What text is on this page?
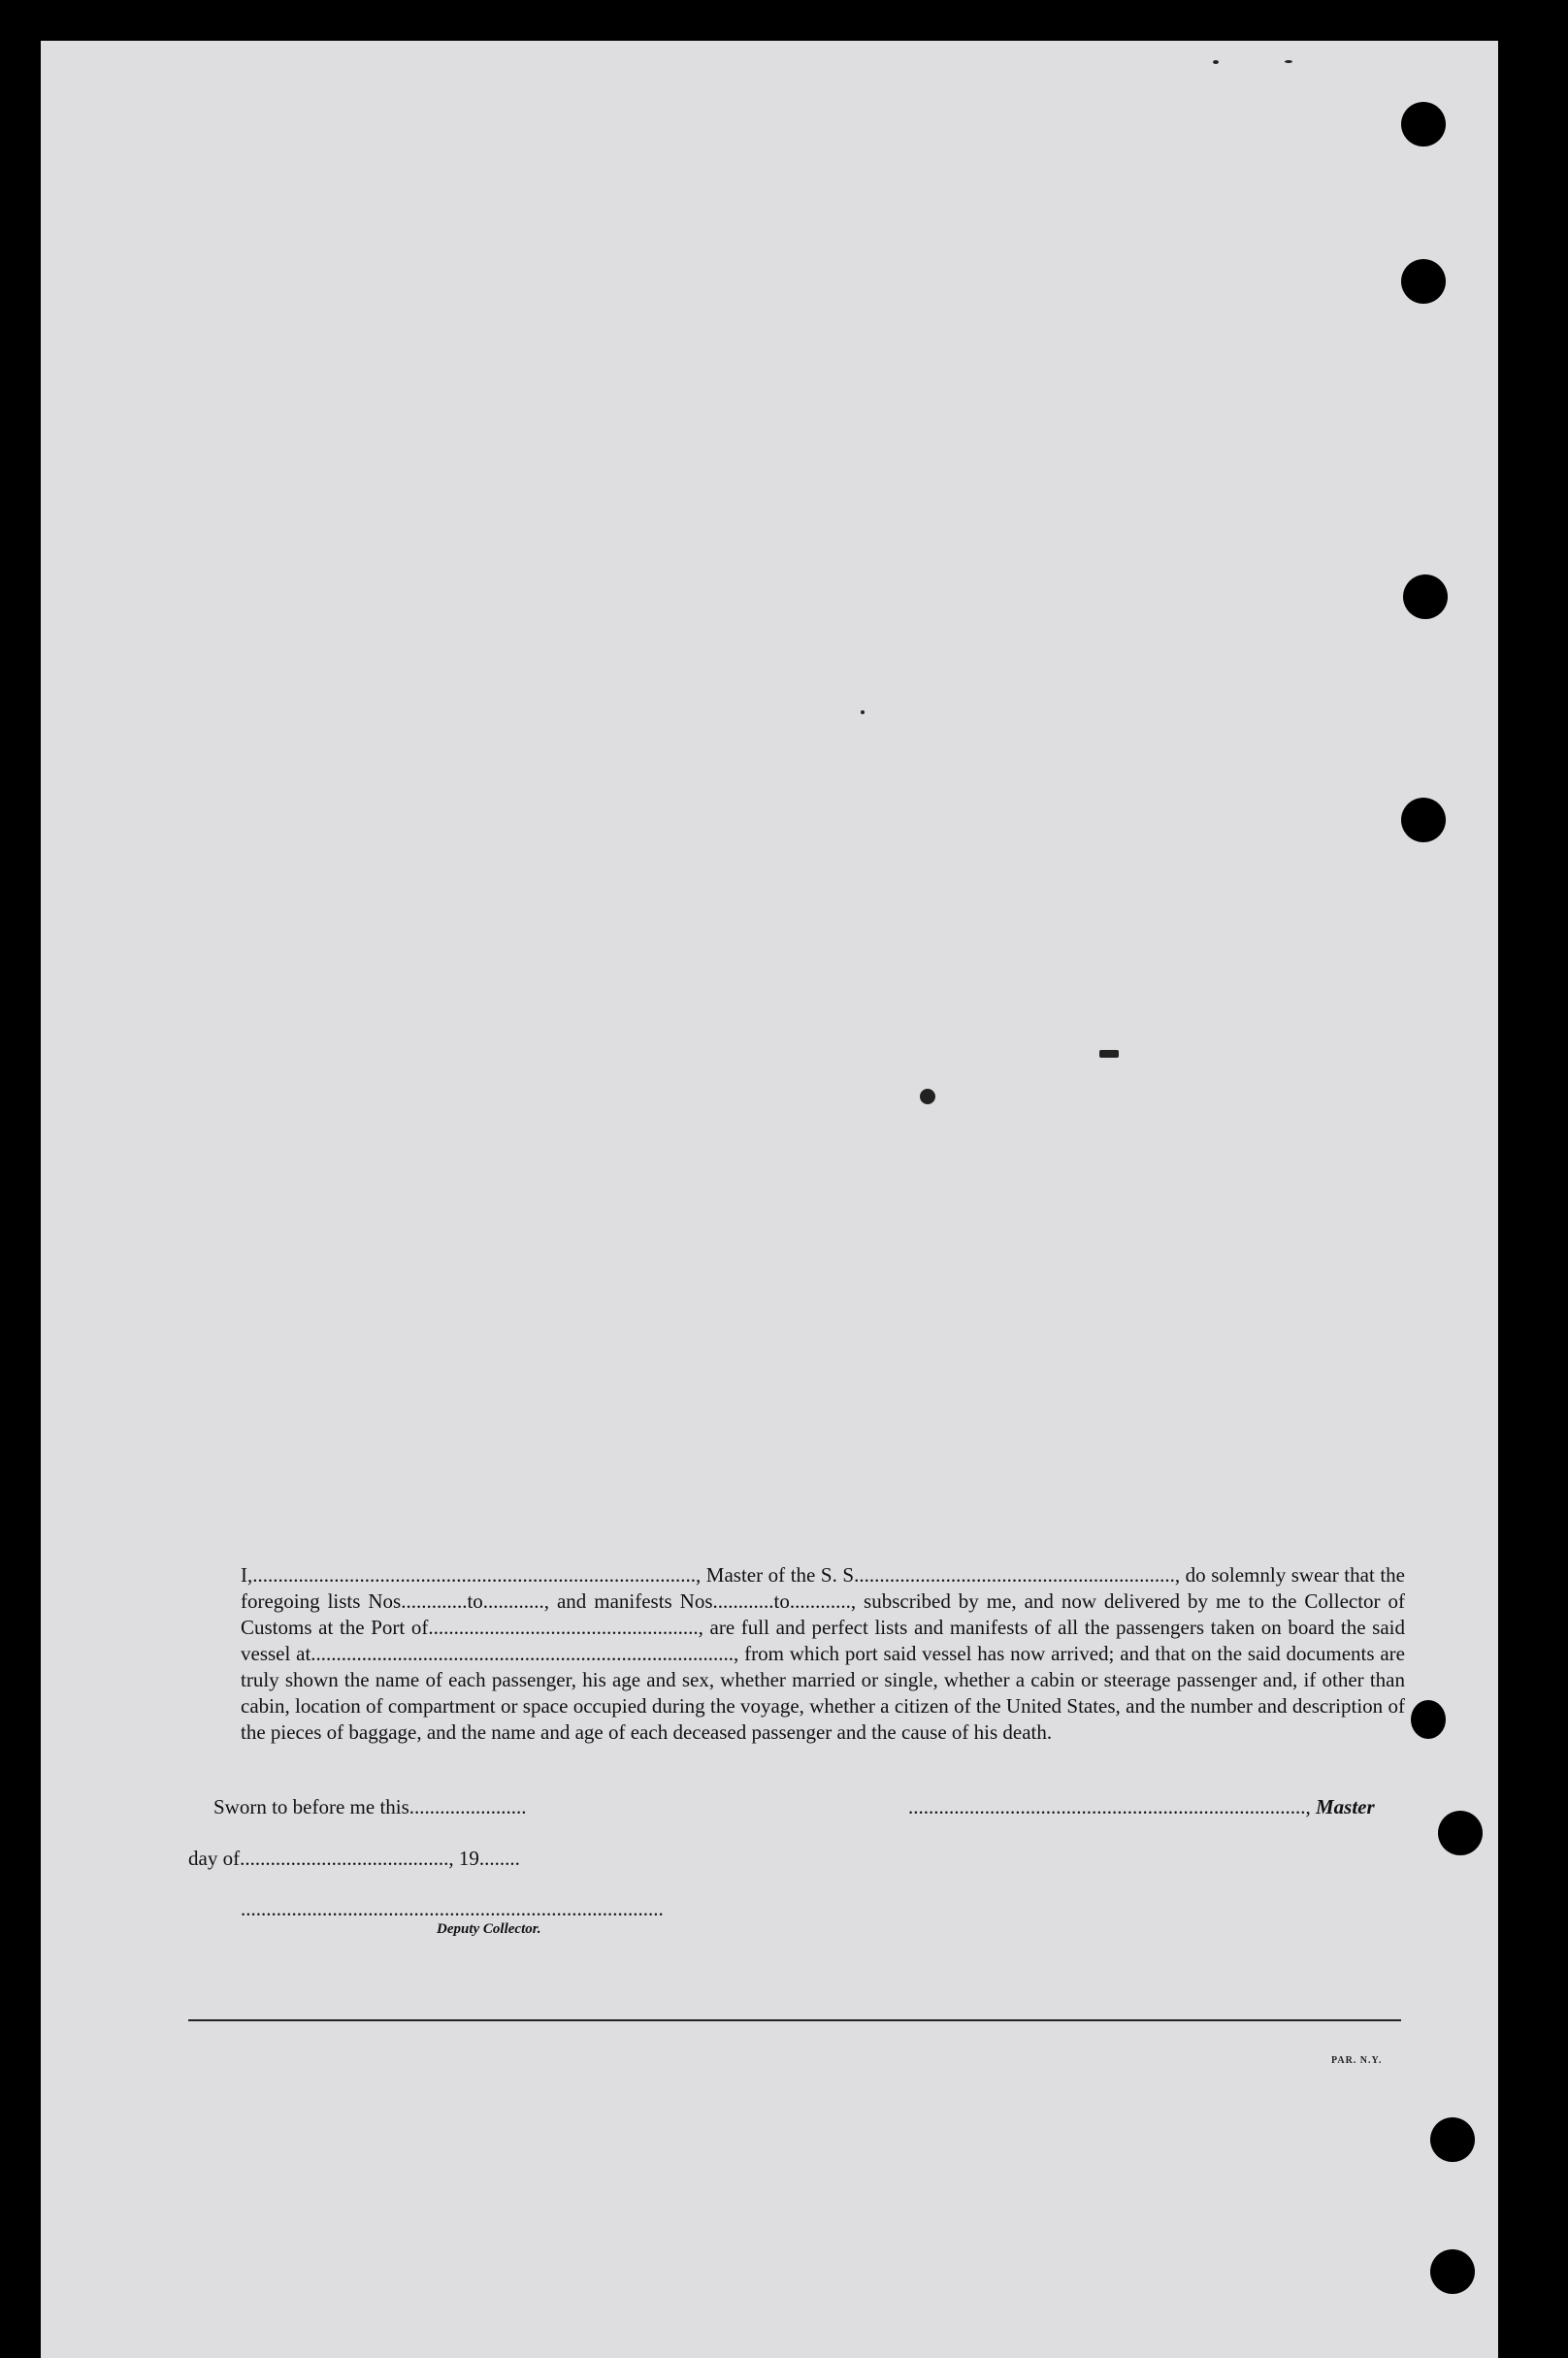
I,......................................................................................., Master of the S. S..............................................................., do solemnly swear that the foregoing lists Nos.............to............, and manifests Nos............to............, subscribed by me, and now delivered by me to the Collector of Customs at the Port of....................................................., are full and perfect lists and manifests of all the passengers taken on board the said vessel at..................................................................................., from which port said vessel has now arrived; and that on the said documents are truly shown the name of each passenger, his age and sex, whether married or single, whether a cabin or steerage passenger and, if other than cabin, location of compartment or space occupied during the voyage, whether a citizen of the United States, and the number and description of the pieces of baggage, and the name and age of each deceased passenger and the cause of his death.
Sworn to before me this.......................	.............................................................................., Master
day of........................................., 19........
...................................................................................
Deputy Collector.
PAR. N.Y.
